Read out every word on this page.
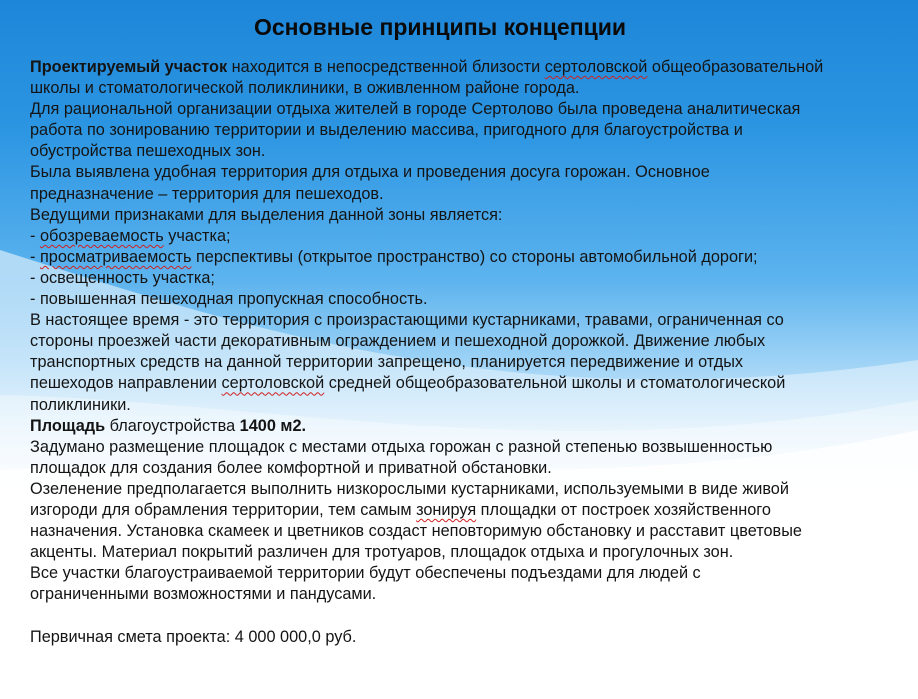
Основные принципы концепции
Проектируемый участок находится в непосредственной близости сертоловской общеобразовательной
школы и стоматологической поликлиники, в оживленном районе города.
Для рациональной организации отдыха жителей в городе Сертолово была проведена аналитическая
работа по зонированию территории и выделению массива, пригодного для благоустройства и
обустройства пешеходных зон.
Была выявлена удобная территория для отдыха и проведения досуга горожан. Основное
предназначение – территория для пешеходов.
Ведущими признаками для выделения данной зоны является:
- обозреваемость участка;
- просматриваемость перспективы (открытое пространство) со стороны автомобильной дороги;
- освещенность участка;
- повышенная пешеходная пропускная способность.
В настоящее время - это территория с произрастающими кустарниками, травами, ограниченная со
стороны проезжей части декоративным ограждением и пешеходной дорожкой. Движение любых
транспортных средств на данной территории запрещено, планируется передвижение и отдых
пешеходов направлении сертоловской средней общеобразовательной школы и стоматологической
поликлиники.
Площадь благоустройства 1400 м2.
Задумано размещение площадок с местами отдыха горожан с разной степенью возвышенностью
площадок для создания более комфортной и приватной обстановки.
Озеленение предполагается выполнить низкорослыми кустарниками, используемыми в виде живой
изгороди для обрамления территории, тем самым зонируя площадки от построек хозяйственного
назначения. Установка скамеек и цветников создаст неповторимую обстановку и расставит цветовые
акценты. Материал покрытий различен для тротуаров, площадок отдыха и прогулочных зон.
Все участки благоустраиваемой территории будут обеспечены подъездами для людей с
ограниченными возможностями и пандусами.
Первичная смета проекта: 4 000 000,0 руб.
